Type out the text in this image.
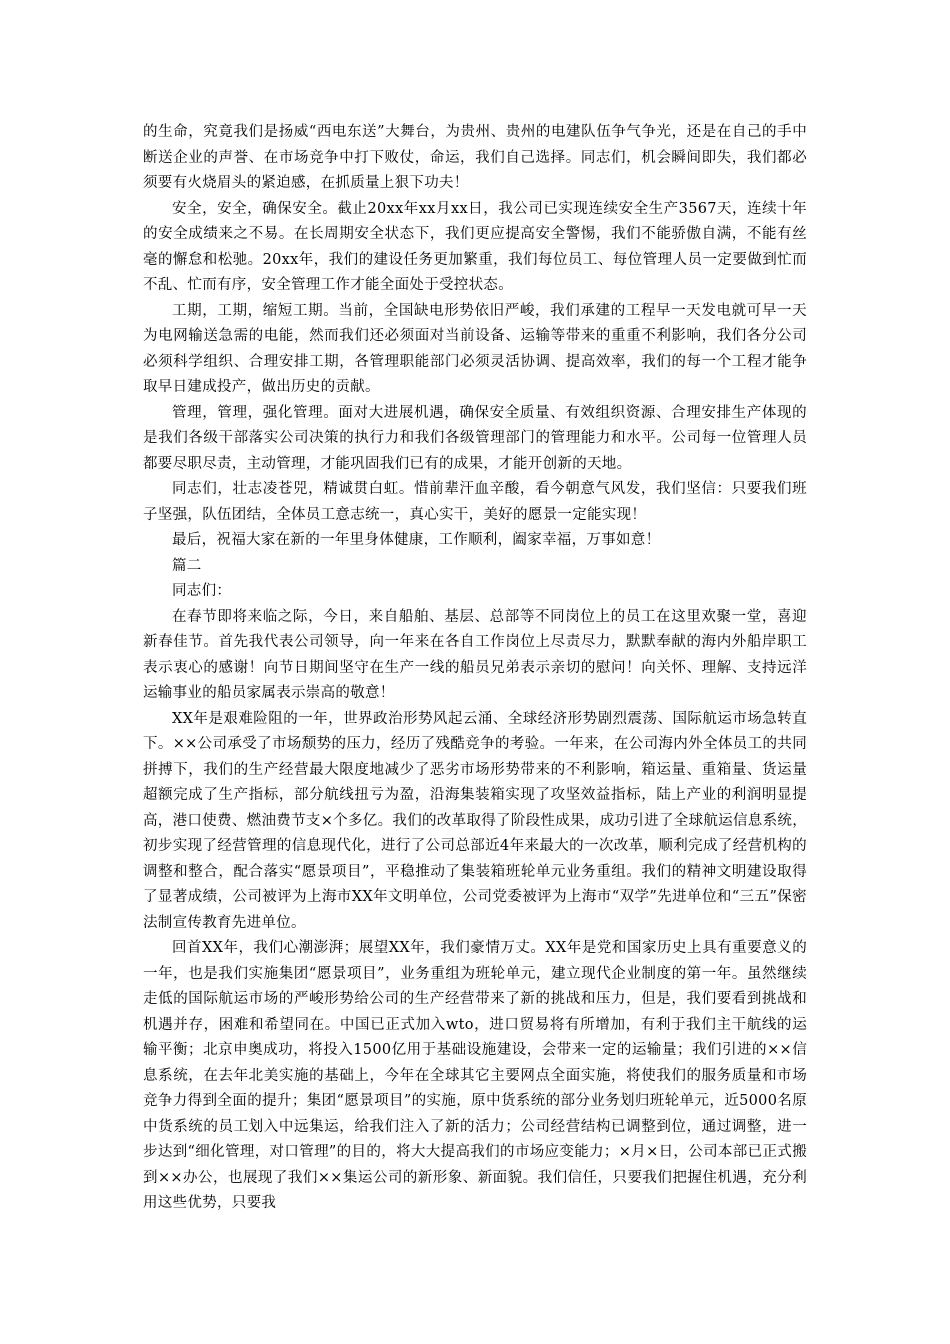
的生命，究竟我们是扬威“西电东送”大舞台，为贵州、贵州的电建队伍争气争光，还是在自己的手中断送企业的声誉、在市场竞争中打下败仗，命运，我们自己选择。同志们，机会瞬间即失，我们都必须要有火烧眉头的紧迫感，在抓质量上狠下功夫！

安全，安全，确保安全。截止20xx年xx月xx日，我公司已实现连续安全生产3567天，连续十年的安全成绩来之不易。在长周期安全状态下，我们更应提高安全警惕，我们不能骄傲自满，不能有丝毫的懈怠和松驰。20xx年，我们的建设任务更加繁重，我们每位员工、每位管理人员一定要做到忙而不乱、忙而有序，安全管理工作才能全面处于受控状态。

工期，工期，缩短工期。当前，全国缺电形势依旧严峻，我们承建的工程早一天发电就可早一天为电网输送急需的电能，然而我们还必须面对当前设备、运输等带来的重重不利影响，我们各分公司必须科学组织、合理安排工期，各管理职能部门必须灵活协调、提高效率，我们的每一个工程才能争取早日建成投产，做出历史的贡献。

管理，管理，强化管理。面对大进展机遇，确保安全质量、有效组织资源、合理安排生产体现的是我们各级干部落实公司决策的执行力和我们各级管理部门的管理能力和水平。公司每一位管理人员都要尽职尽责，主动管理，才能巩固我们已有的成果，才能开创新的天地。

同志们，壮志凌苍兕，精诚贯白虹。惜前辈汗血辛酸，看今朝意气风发，我们坚信：只要我们班子坚强，队伍团结，全体员工意志统一，真心实干，美好的愿景一定能实现！

最后，祝福大家在新的一年里身体健康，工作顺利，阖家幸福，万事如意！

篇二

同志们：

在春节即将来临之际，今日，来自船舶、基层、总部等不同岗位上的员工在这里欢聚一堂，喜迎新春佳节。首先我代表公司领导，向一年来在各自工作岗位上尽责尽力，默默奉献的海内外船岸职工表示衷心的感谢！向节日期间坚守在生产一线的船员兄弟表示亲切的慰问！向关怀、理解、支持远洋运输事业的船员家属表示崇高的敬意！

XX年是艰难险阻的一年，世界政治形势风起云涌、全球经济形势剧烈震荡、国际航运市场急转直下。××公司承受了市场颓势的压力，经历了残酷竞争的考验。一年来，在公司海内外全体员工的共同拼搏下，我们的生产经营最大限度地减少了恶劣市场形势带来的不利影响，箱运量、重箱量、货运量超额完成了生产指标，部分航线扭亏为盈，沿海集装箱实现了攻坚效益指标，陆上产业的利润明显提高，港口使费、燃油费节支×个多亿。我们的改革取得了阶段性成果，成功引进了全球航运信息系统，初步实现了经营管理的信息现代化，进行了公司总部近4年来最大的一次改革，顺利完成了经营机构的调整和整合，配合落实“愿景项目”，平稳推动了集装箱班轮单元业务重组。我们的精神文明建设取得了显著成绩，公司被评为上海市XX年文明单位，公司党委被评为上海市“双学”先进单位和“三五”保密法制宣传教育先进单位。

回首XX年，我们心潮澎湃；展望XX年，我们豪情万丈。XX年是党和国家历史上具有重要意义的一年，也是我们实施集团“愿景项目”，业务重组为班轮单元，建立现代企业制度的第一年。虽然继续走低的国际航运市场的严峻形势给公司的生产经营带来了新的挑战和压力，但是，我们要看到挑战和机遇并存，困难和希望同在。中国已正式加入wto，进口贸易将有所增加，有利于我们主干航线的运输平衡；北京申奥成功，将投入1500亿用于基础设施建设，会带来一定的运输量；我们引进的××信息系统，在去年北美实施的基础上，今年在全球其它主要网点全面实施，将使我们的服务质量和市场竞争力得到全面的提升；集团“愿景项目”的实施，原中货系统的部分业务划归班轮单元，近5000名原中货系统的员工划入中远集运，给我们注入了新的活力；公司经营结构已调整到位，通过调整，进一步达到“细化管理，对口管理”的目的，将大大提高我们的市场应变能力；×月×日，公司本部已正式搬到××办公，也展现了我们××集运公司的新形象、新面貌。我们信任，只要我们把握住机遇，充分利用这些优势，只要我
